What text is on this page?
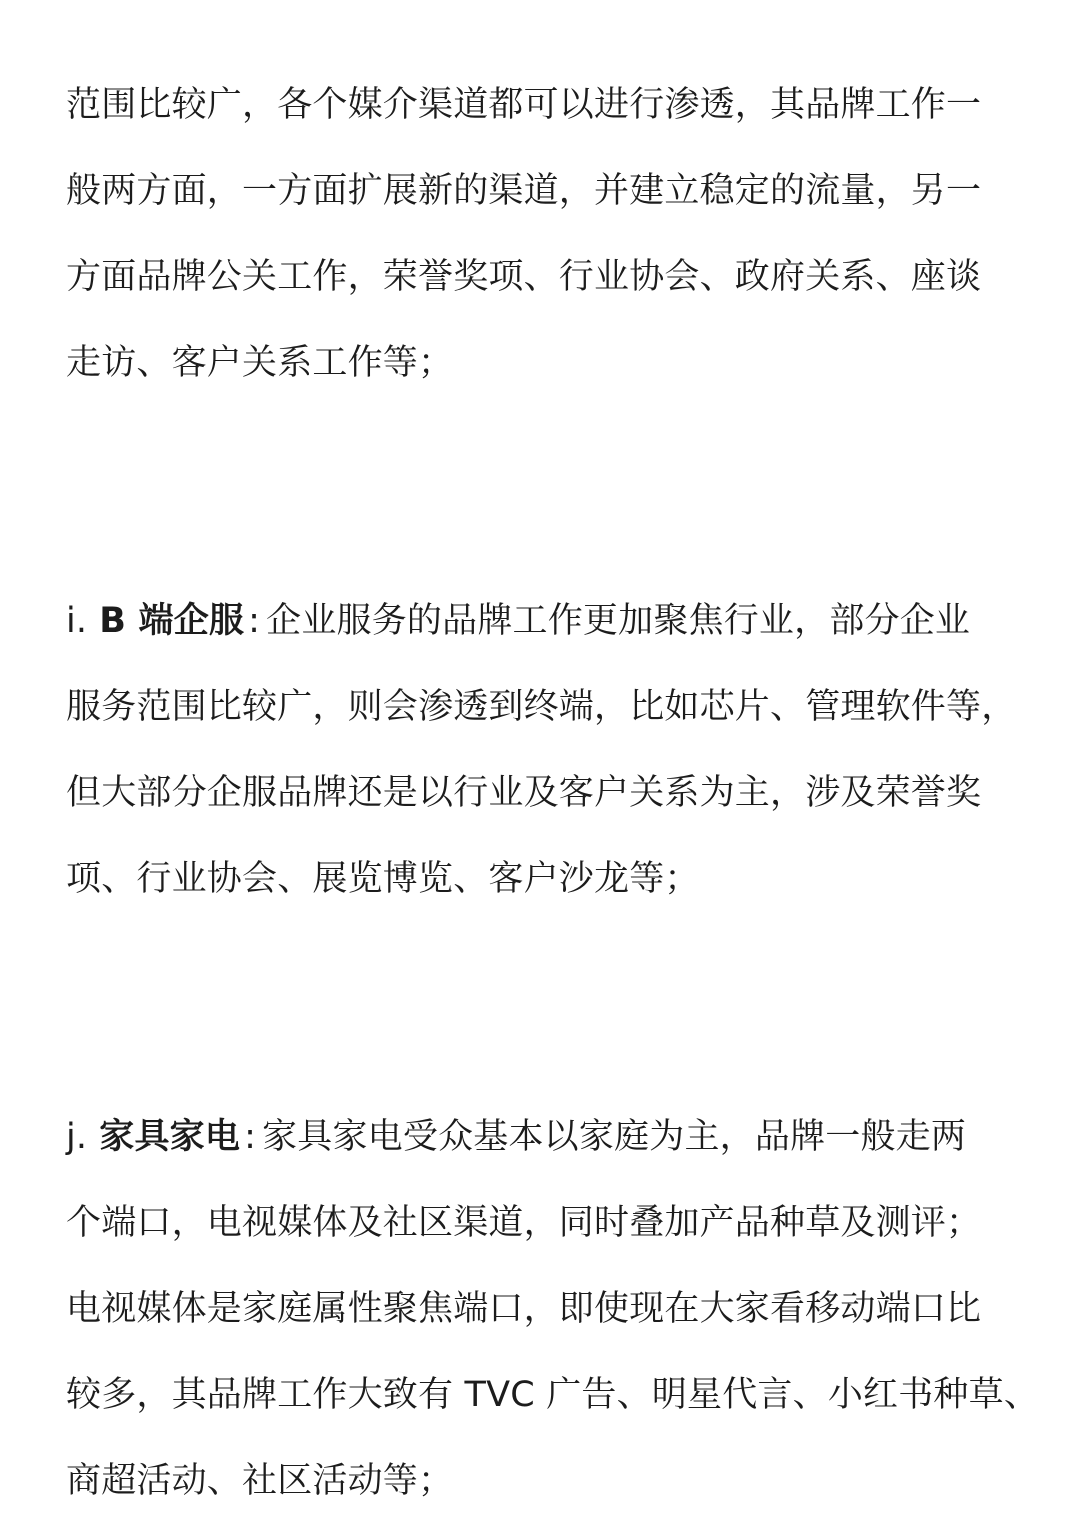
范围比较广，各个媒介渠道都可以进行渗透，其品牌工作一
般两方面，一方面扩展新的渠道，并建立稳定的流量，另一
方面品牌公关工作，荣誉奖项、行业协会、政府关系、座谈
走访、客户关系工作等；
i. B 端企服 : 企业服务的品牌工作更加聚焦行业，部分企业
服务范围比较广，则会渗透到终端，比如芯片、管理软件等，
但大部分企服品牌还是以行业及客户关系为主，涉及荣誉奖
项、行业协会、展览博览、客户沙龙等；
j. 家具家电 : 家具家电受众基本以家庭为主，品牌一般走两
个端口，电视媒体及社区渠道，同时叠加产品种草及测评；
电视媒体是家庭属性聚焦端口，即使现在大家看移动端口比
较多，其品牌工作大致有 TVC 广告、明星代言、小红书种草、
商超活动、社区活动等；
